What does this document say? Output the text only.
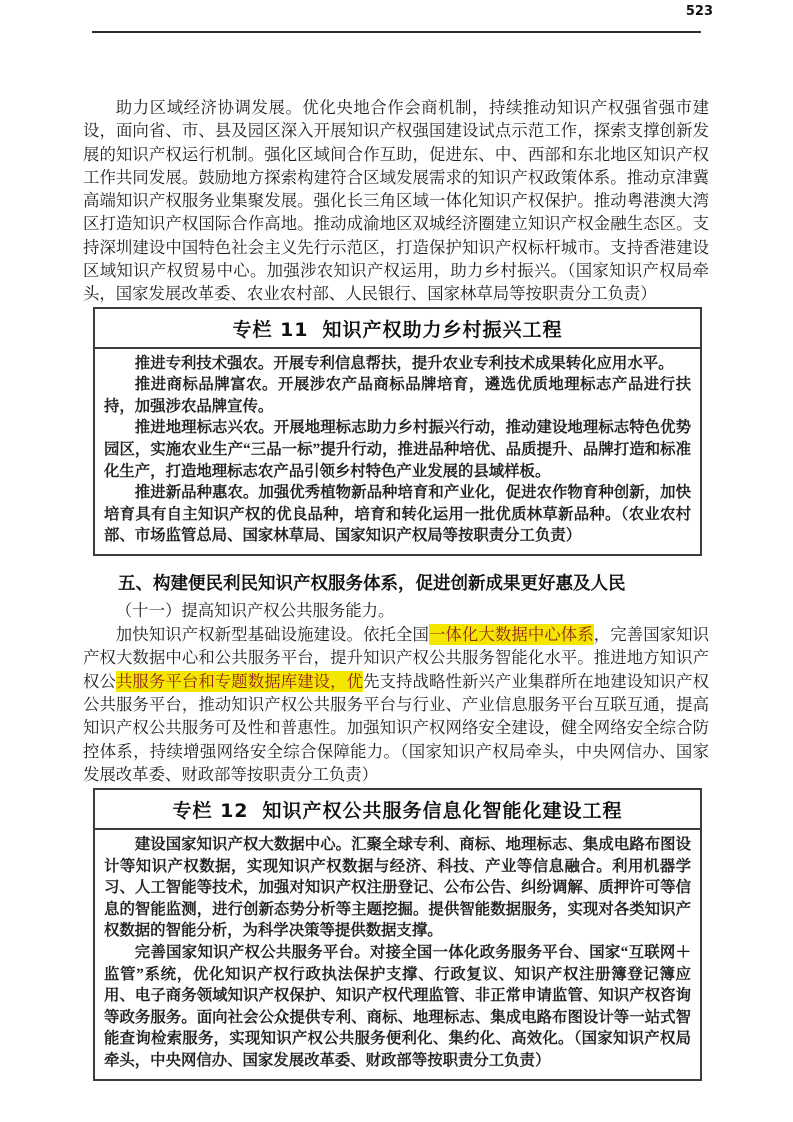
523

助力区域经济协调发展。优化央地合作会商机制，持续推动知识产权强省强市建设，面向省、市、县及园区深入开展知识产权强国建设试点示范工作，探索支撑创新发展的知识产权运行机制。强化区域间合作互助，促进东、中、西部和东北地区知识产权工作共同发展。鼓励地方探索构建符合区域发展需求的知识产权政策体系。推动京津冀高端知识产权服务业集聚发展。强化长三角区域一体化知识产权保护。推动粤港澳大湾区打造知识产权国际合作高地。推动成渝地区双城经济圈建立知识产权金融生态区。支持深圳建设中国特色社会主义先行示范区，打造保护知识产权标杆城市。支持香港建设区域知识产权贸易中心。加强涉农知识产权运用，助力乡村振兴。（国家知识产权局牵头，国家发展改革委、农业农村部、人民银行、国家林草局等按职责分工负责）

专栏 11 知识产权助力乡村振兴工程

推进专利技术强农。开展专利信息帮扶，提升农业专利技术成果转化应用水平。

推进商标品牌富农。开展涉农产品商标品牌培育，遴选优质地理标志产品进行扶持，加强涉农品牌宣传。

推进地理标志兴农。开展地理标志助力乡村振兴行动，推动建设地理标志特色优势园区，实施农业生产“三品一标”提升行动，推进品种培优、品质提升、品牌打造和标准化生产，打造地理标志农产品引领乡村特色产业发展的县域样板。

推进新品种惠农。加强优秀植物新品种培育和产业化，促进农作物育种创新，加快培育具有自主知识产权的优良品种，培育和转化运用一批优质林草新品种。（农业农村部、市场监管总局、国家林草局、国家知识产权局等按职责分工负责）

五、构建便民利民知识产权服务体系，促进创新成果更好惠及人民

（十一）提高知识产权公共服务能力。

加快知识产权新型基础设施建设。依托全国一体化大数据中心体系，完善国家知识产权大数据中心和公共服务平台，提升知识产权公共服务智能化水平。推进地方知识产权公共服务平台和专题数据库建设，优先支持战略性新兴产业集群所在地建设知识产权公共服务平台，推动知识产权公共服务平台与行业、产业信息服务平台互联互通，提高知识产权公共服务可及性和普惠性。加强知识产权网络安全建设，健全网络安全综合防控体系，持续增强网络安全综合保障能力。（国家知识产权局牵头，中央网信办、国家发展改革委、财政部等按职责分工负责）

专栏 12 知识产权公共服务信息化智能化建设工程

建设国家知识产权大数据中心。汇聚全球专利、商标、地理标志、集成电路布图设计等知识产权数据，实现知识产权数据与经济、科技、产业等信息融合。利用机器学习、人工智能等技术，加强对知识产权注册登记、公布公告、纠纷调解、质押许可等信息的智能监测，进行创新态势分析等主题挖掘。提供智能数据服务，实现对各类知识产权数据的智能分析，为科学决策等提供数据支撑。

完善国家知识产权公共服务平台。对接全国一体化政务服务平台、国家“互联网＋监管”系统，优化知识产权行政执法保护支撑、行政复议、知识产权注册簿登记簿应用、电子商务领域知识产权保护、知识产权代理监管、非正常申请监管、知识产权咨询等政务服务。面向社会公众提供专利、商标、地理标志、集成电路布图设计等一站式智能查询检索服务，实现知识产权公共服务便利化、集约化、高效化。（国家知识产权局牵头，中央网信办、国家发展改革委、财政部等按职责分工负责）
